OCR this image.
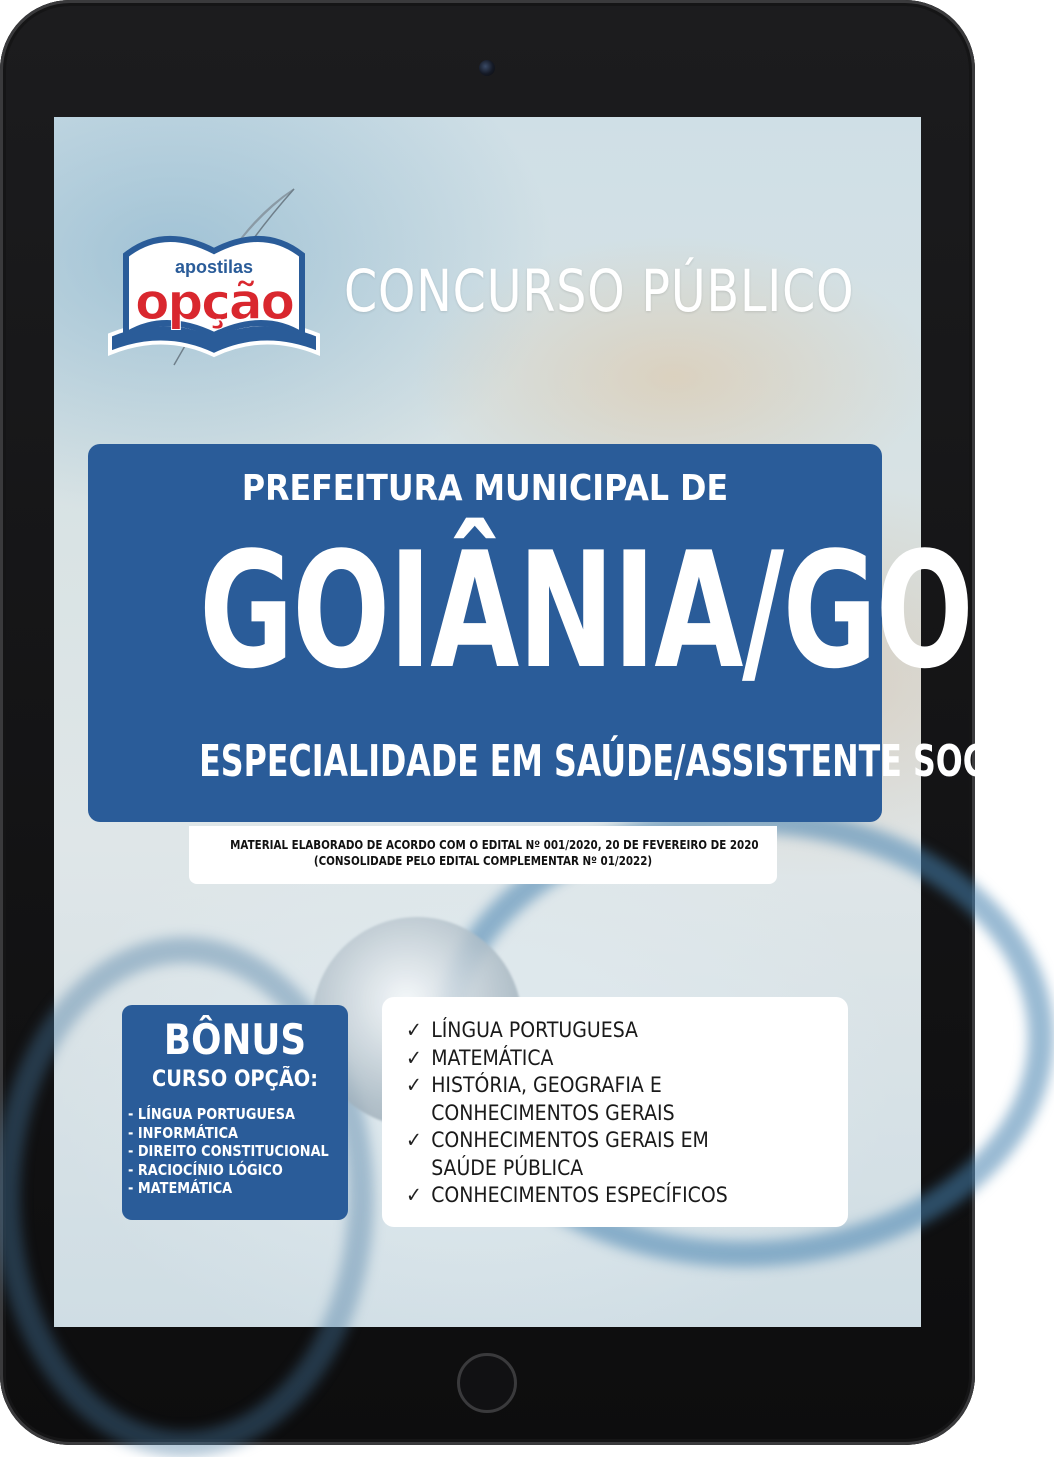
apostilas
opção CONCURSO PÚBLICO
PREFEITURA MUNICIPAL DE
GOIÂNIA/GO
ESPECIALIDADE EM SAÚDE/ASSISTENTE SOCIAL
MATERIAL ELABORADO DE ACORDO COM O EDITAL Nº 001/2020, 20 DE FEVEREIRO DE 2020
(CONSOLIDADE PELO EDITAL COMPLEMENTAR Nº 01/2022)
BÔNUS
CURSO OPÇÃO:
- LÍNGUA PORTUGUESA
- INFORMÁTICA
- DIREITO CONSTITUCIONAL
- RACIOCÍNIO LÓGICO
- MATEMÁTICA
✓ LÍNGUA PORTUGUESA
✓ MATEMÁTICA
✓ HISTÓRIA, GEOGRAFIA E
CONHECIMENTOS GERAIS
✓ CONHECIMENTOS GERAIS EM
SAÚDE PÚBLICA
✓ CONHECIMENTOS ESPECÍFICOS
